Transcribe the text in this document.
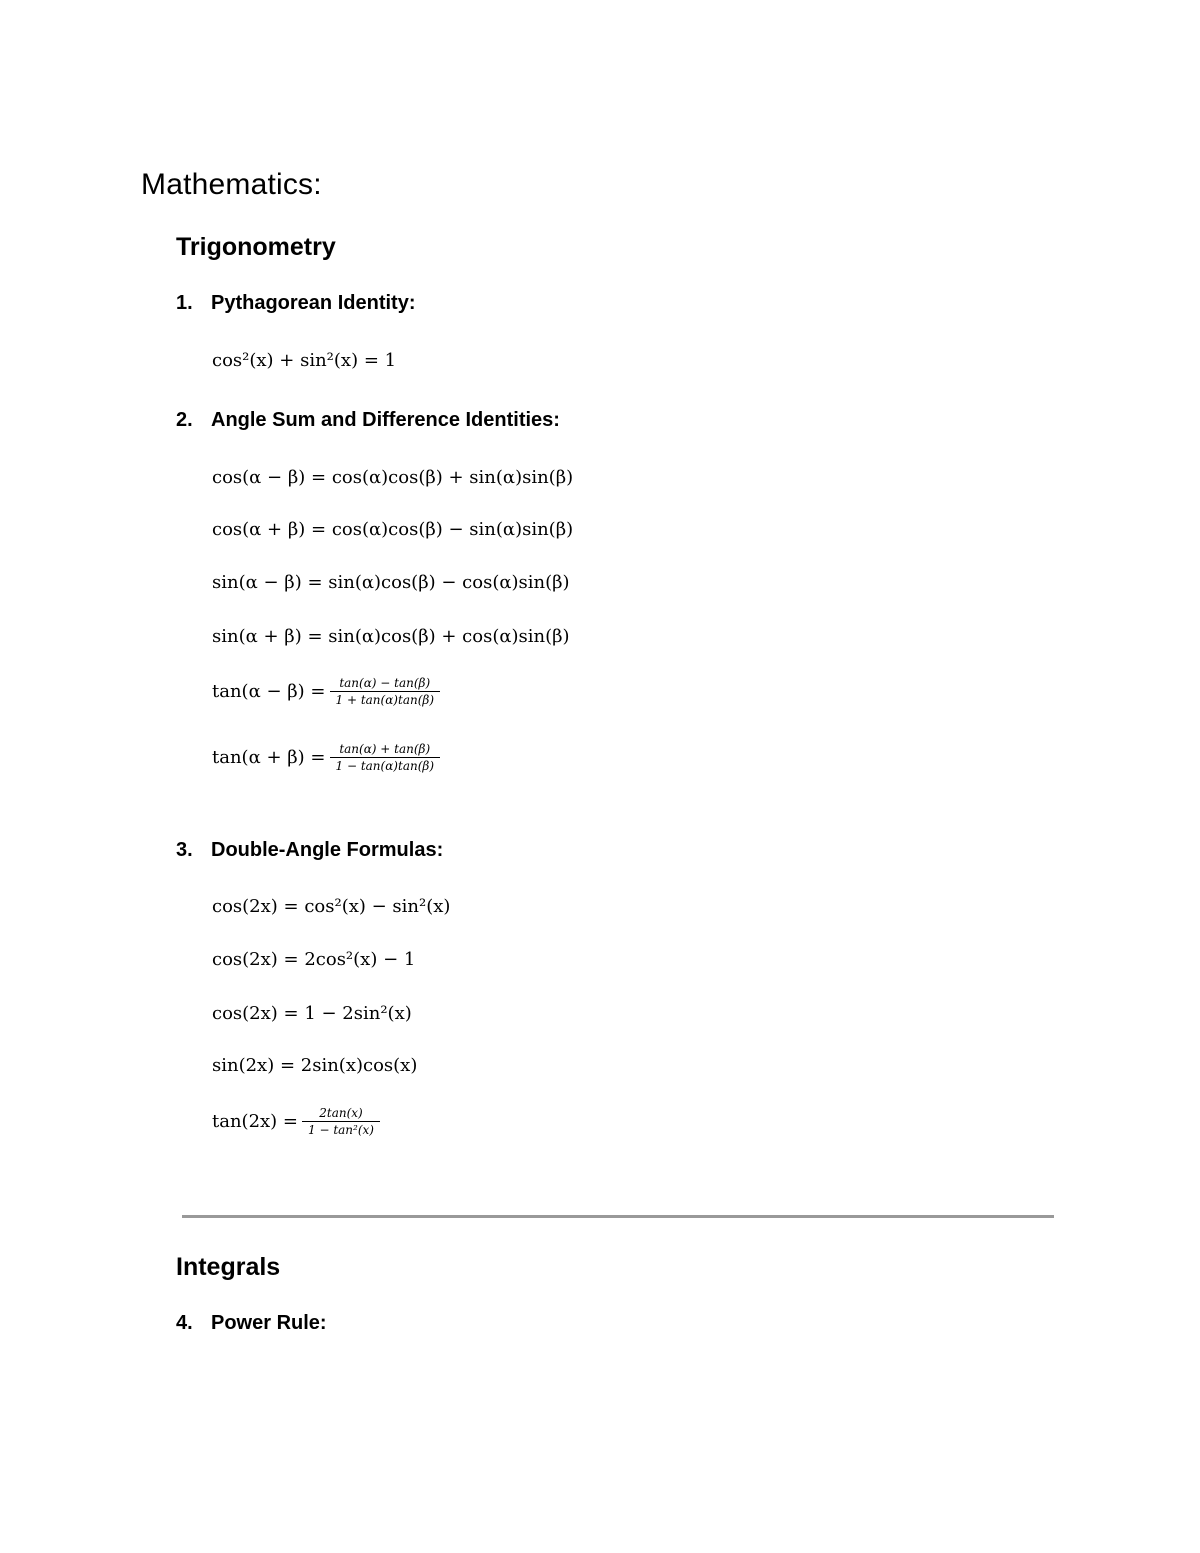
Mathematics:
Trigonometry
1. Pythagorean Identity:
cos²(x) + sin²(x) = 1
2. Angle Sum and Difference Identities:
cos(α − β) = cos(α)cos(β) + sin(α)sin(β)
cos(α + β) = cos(α)cos(β) − sin(α)sin(β)
sin(α − β) = sin(α)cos(β) − cos(α)sin(β)
sin(α + β) = sin(α)cos(β) + cos(α)sin(β)
$\tan(\alpha - \beta) = \frac{\tan(\alpha) - \tan(\beta)}{1 + \tan(\alpha)\tan(\beta)}$
$\tan(\alpha + \beta) = \frac{\tan(\alpha) + \tan(\beta)}{1 - \tan(\alpha)\tan(\beta)}$
3. Double-Angle Formulas:
cos(2x) = cos²(x) − sin²(x)
cos(2x) = 2cos²(x) − 1
cos(2x) = 1 − 2sin²(x)
sin(2x) = 2sin(x)cos(x)
$\tan(2x) = \frac{2\tan(x)}{\text{1 − tan²(x)}}$
Integrals
4. Power Rule:
